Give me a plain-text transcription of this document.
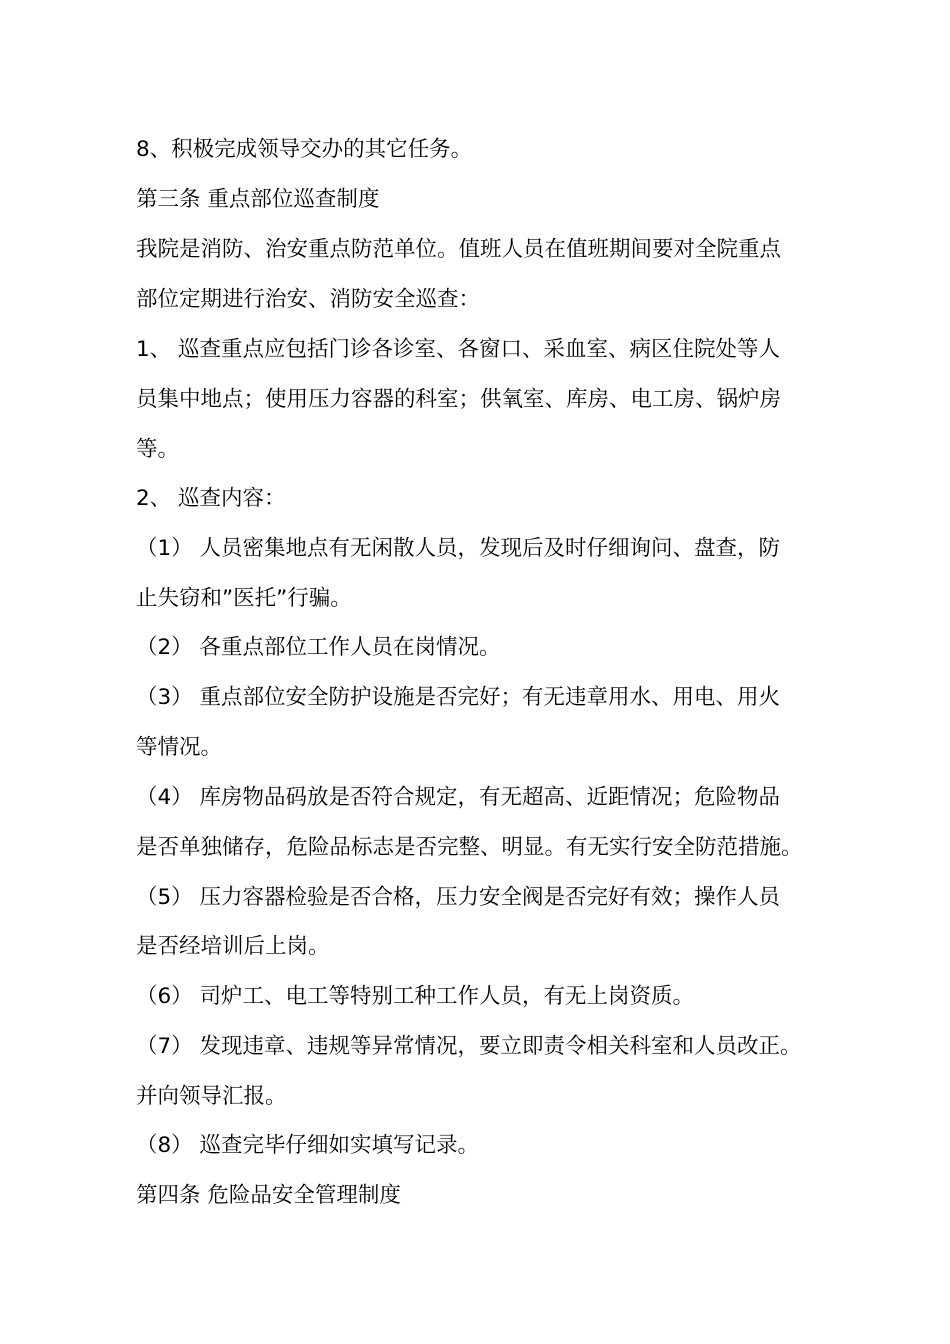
8、积极完成领导交办的其它任务。
第三条 重点部位巡查制度
我院是消防、治安重点防范单位。值班人员在值班期间要对全院重点
部位定期进行治安、消防安全巡查：
1、 巡查重点应包括门诊各诊室、各窗口、采血室、病区住院处等人
员集中地点；使用压力容器的科室；供氧室、库房、电工房、锅炉房
等。
2、 巡查内容：
（1） 人员密集地点有无闲散人员，发现后及时仔细询问、盘查，防
止失窃和”医托”行骗。
（2） 各重点部位工作人员在岗情况。
（3） 重点部位安全防护设施是否完好；有无违章用水、用电、用火
等情况。
（4） 库房物品码放是否符合规定，有无超高、近距情况；危险物品
是否单独储存，危险品标志是否完整、明显。有无实行安全防范措施。
（5） 压力容器检验是否合格，压力安全阀是否完好有效；操作人员
是否经培训后上岗。
（6） 司炉工、电工等特别工种工作人员，有无上岗资质。
（7） 发现违章、违规等异常情况，要立即责令相关科室和人员改正。
并向领导汇报。
（8） 巡查完毕仔细如实填写记录。
第四条 危险品安全管理制度
